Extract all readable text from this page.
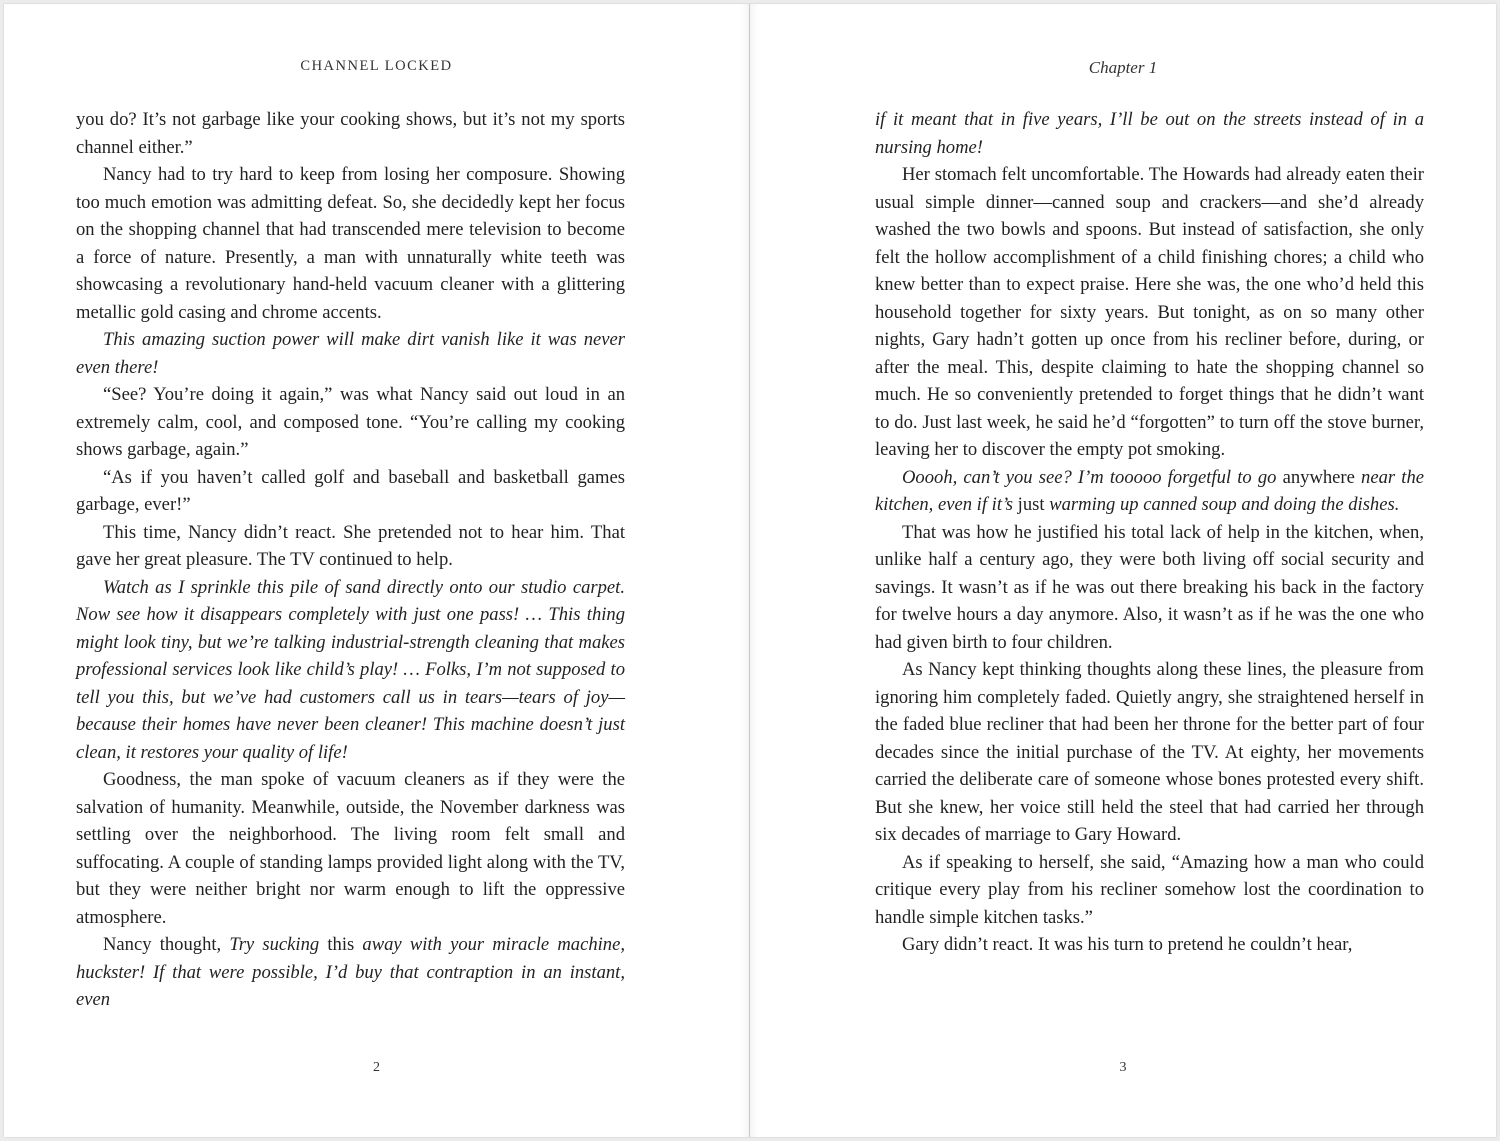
CHANNEL LOCKED

you do? It’s not garbage like your cooking shows, but it’s not my sports channel either.”

Nancy had to try hard to keep from losing her composure. Showing too much emotion was admitting defeat. So, she decidedly kept her focus on the shopping channel that had transcended mere television to become a force of nature. Presently, a man with unnaturally white teeth was showcasing a revolutionary hand-held vacuum cleaner with a glittering metallic gold casing and chrome accents.

This amazing suction power will make dirt vanish like it was never even there!

“See? You’re doing it again,” was what Nancy said out loud in an extremely calm, cool, and composed tone. “You’re calling my cooking shows garbage, again.”

“As if you haven’t called golf and baseball and basketball games garbage, ever!”

This time, Nancy didn’t react. She pretended not to hear him. That gave her great pleasure. The TV continued to help.

Watch as I sprinkle this pile of sand directly onto our studio carpet. Now see how it disappears completely with just one pass! … This thing might look tiny, but we’re talking industrial-strength cleaning that makes professional services look like child’s play! … Folks, I’m not supposed to tell you this, but we’ve had customers call us in tears—tears of joy—because their homes have never been cleaner! This machine doesn’t just clean, it restores your quality of life!

Goodness, the man spoke of vacuum cleaners as if they were the salvation of humanity. Meanwhile, outside, the November darkness was settling over the neighborhood. The living room felt small and suffocating. A couple of standing lamps provided light along with the TV, but they were neither bright nor warm enough to lift the oppressive atmosphere.

Nancy thought, Try sucking this away with your miracle machine, huckster! If that were possible, I’d buy that contraption in an instant, even

2
Chapter 1

if it meant that in five years, I’ll be out on the streets instead of in a nursing home!

Her stomach felt uncomfortable. The Howards had already eaten their usual simple dinner—canned soup and crackers—and she’d already washed the two bowls and spoons. But instead of satisfaction, she only felt the hollow accomplishment of a child finishing chores; a child who knew better than to expect praise. Here she was, the one who’d held this household together for sixty years. But tonight, as on so many other nights, Gary hadn’t gotten up once from his recliner before, during, or after the meal. This, despite claiming to hate the shopping channel so much. He so conveniently pretended to forget things that he didn’t want to do. Just last week, he said he’d “forgotten” to turn off the stove burner, leaving her to discover the empty pot smoking.

Ooooh, can’t you see? I’m tooooo forgetful to go anywhere near the kitchen, even if it’s just warming up canned soup and doing the dishes.

That was how he justified his total lack of help in the kitchen, when, unlike half a century ago, they were both living off social security and savings. It wasn’t as if he was out there breaking his back in the factory for twelve hours a day anymore. Also, it wasn’t as if he was the one who had given birth to four children.

As Nancy kept thinking thoughts along these lines, the pleasure from ignoring him completely faded. Quietly angry, she straightened herself in the faded blue recliner that had been her throne for the better part of four decades since the initial purchase of the TV. At eighty, her movements carried the deliberate care of someone whose bones protested every shift. But she knew, her voice still held the steel that had carried her through six decades of marriage to Gary Howard.

As if speaking to herself, she said, “Amazing how a man who could critique every play from his recliner somehow lost the coordination to handle simple kitchen tasks.”

Gary didn’t react. It was his turn to pretend he couldn’t hear,

3
